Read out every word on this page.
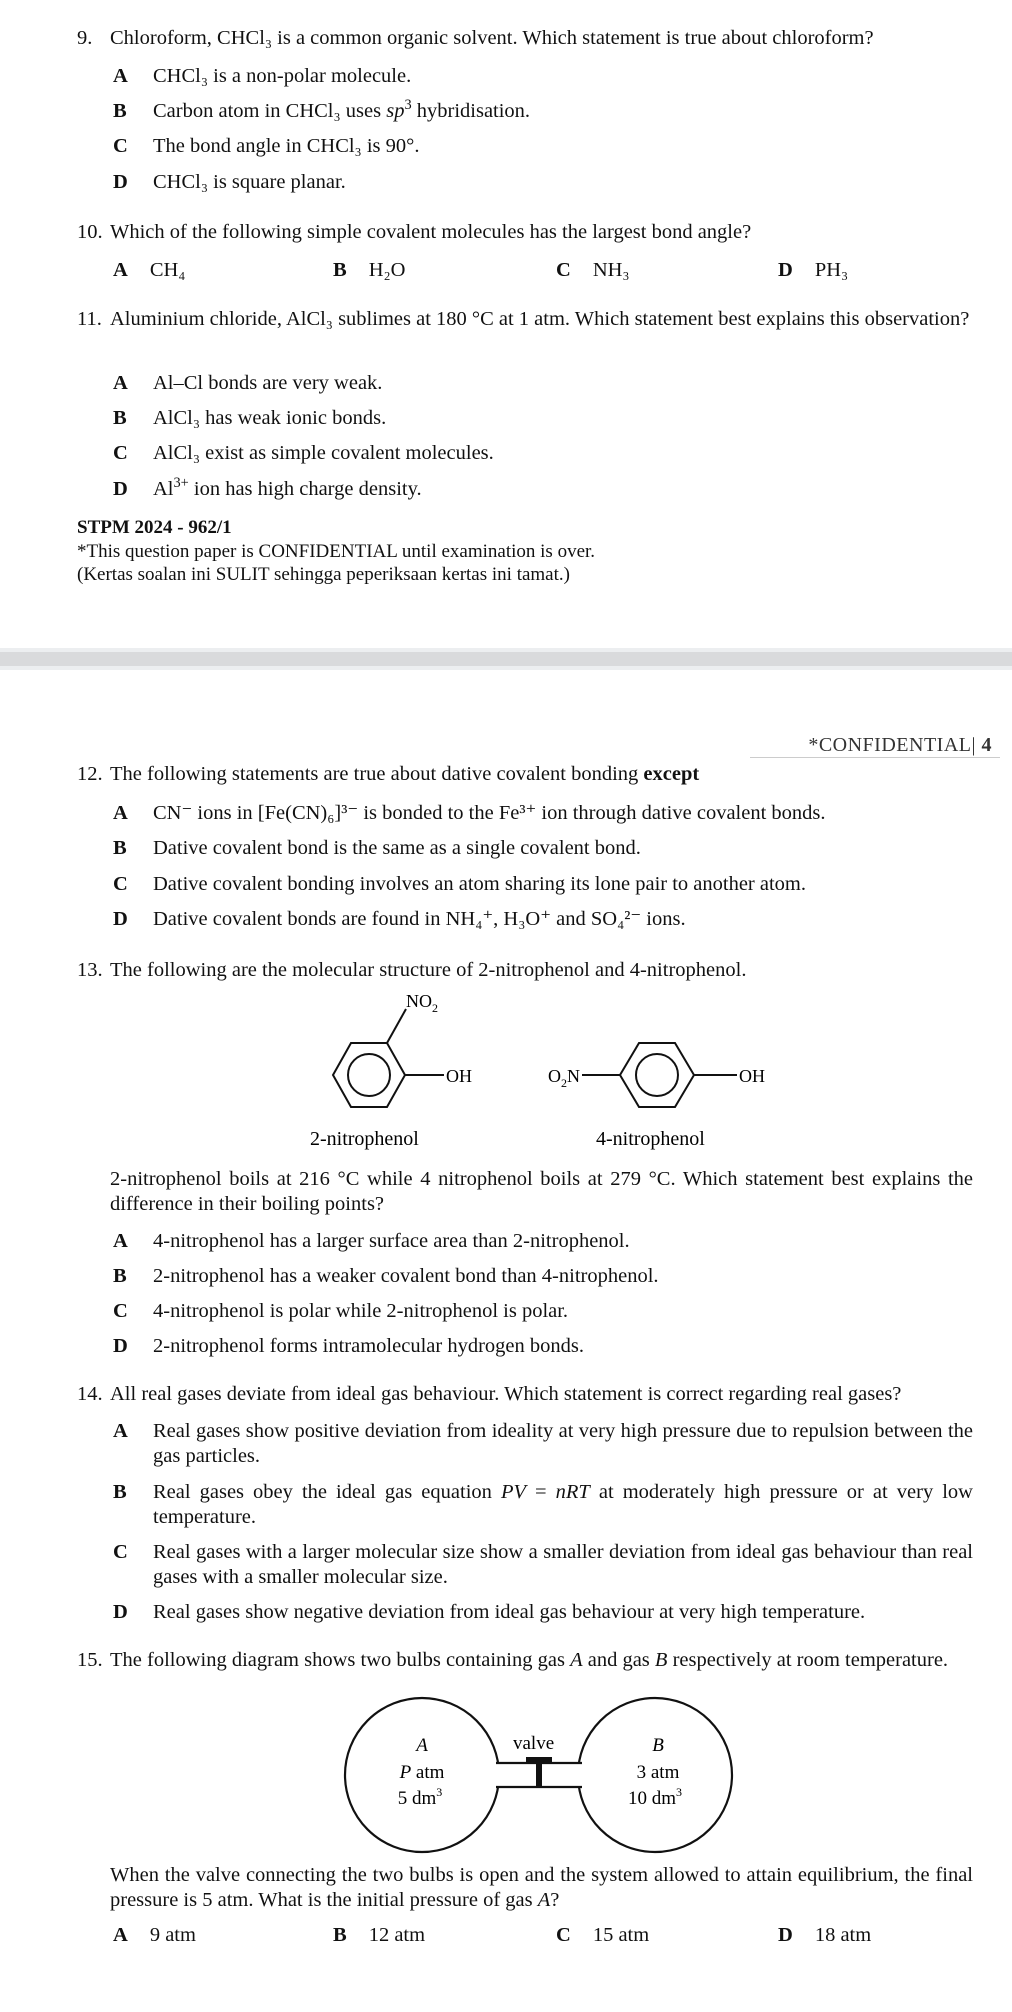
9. Chloroform, CHCl₃ is a common organic solvent. Which statement is true about chloroform?
A CHCl₃ is a non-polar molecule.
B Carbon atom in CHCl₃ uses $sp^3$ hybridisation.
C The bond angle in CHCl₃ is 90°.
D CHCl₃ is square planar.
10. Which of the following simple covalent molecules has the largest bond angle?
A CH₄	B H₂O	C NH₃	D PH₃
11. Aluminium chloride, AlCl₃ sublimes at 180 °C at 1 atm. Which statement best explains this observation?
A Al–Cl bonds are very weak.
B AlCl₃ has weak ionic bonds.
C AlCl₃ exist as simple covalent molecules.
D $Al^{3+}$ ion has high charge density.
STPM 2024 - 962/1
*This question paper is CONFIDENTIAL until examination is over.
(Kertas soalan ini SULIT sehingga peperiksaan kertas ini tamat.)
*CONFIDENTIAL| 4
12. The following statements are true about dative covalent bonding except
A CN⁻ ions in [Fe(CN)₆]³⁻ is bonded to the Fe³⁺ ion through dative covalent bonds.
B Dative covalent bond is the same as a single covalent bond.
C Dative covalent bonding involves an atom sharing its lone pair to another atom.
D Dative covalent bonds are found in NH₄⁺, H₃O⁺ and SO₄²⁻ ions.
13. The following are the molecular structure of 2-nitrophenol and 4-nitrophenol.
$NO_2$
OH	$O_2N$	OH
2-nitrophenol	4-nitrophenol
2-nitrophenol boils at 216 °C while 4 nitrophenol boils at 279 °C. Which statement best explains the difference in their boiling points?
A 4-nitrophenol has a larger surface area than 2-nitrophenol.
B 2-nitrophenol has a weaker covalent bond than 4-nitrophenol.
C 4-nitrophenol is polar while 2-nitrophenol is polar.
D 2-nitrophenol forms intramolecular hydrogen bonds.
14. All real gases deviate from ideal gas behaviour. Which statement is correct regarding real gases?
A Real gases show positive deviation from ideality at very high pressure due to repulsion between the gas particles.
B Real gases obey the ideal gas equation PV = nRT at moderately high pressure or at very low temperature.
C Real gases with a larger molecular size show a smaller deviation from ideal gas behaviour than real gases with a smaller molecular size.
D Real gases show negative deviation from ideal gas behaviour at very high temperature.
15. The following diagram shows two bulbs containing gas A and gas B respectively at room temperature.
valve
A
P atm
5 $dm^3$
B
3 atm
10 $dm^3$
When the valve connecting the two bulbs is open and the system allowed to attain equilibrium, the final pressure is 5 atm. What is the initial pressure of gas A?
A 9 atm	B 12 atm	C 15 atm	D 18 atm
